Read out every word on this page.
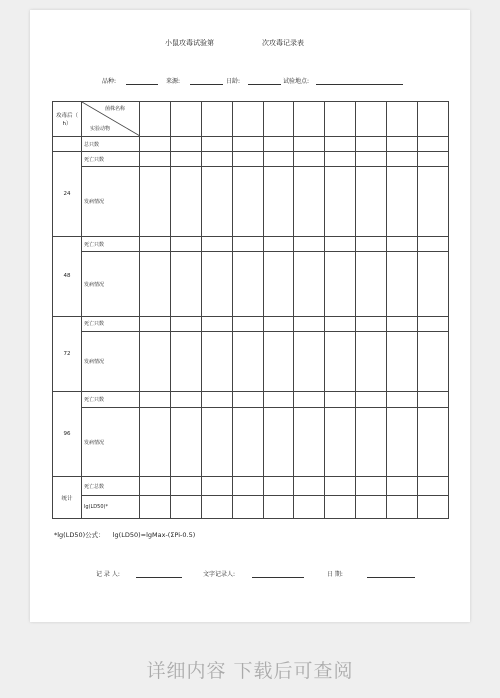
小鼠攻毒试验第	次攻毒记录表
品种:	来源:	日龄:	试验地点:
攻毒后（ h）	菌株名称
实验动物										

	总只数										
24	死亡只数										
	发病情况										
48	死亡只数										
	发病情况										
72	死亡只数										
	发病情况										
96	死亡只数										
	发病情况										
统计	死亡总数										
	lg(LD50)*										
*lg(LD50)公式： lg(LD50)=lgMax-(ΣPi-0.5)
记 录 人:	文字记录人:	日 期:
详细内容 下载后可查阅
